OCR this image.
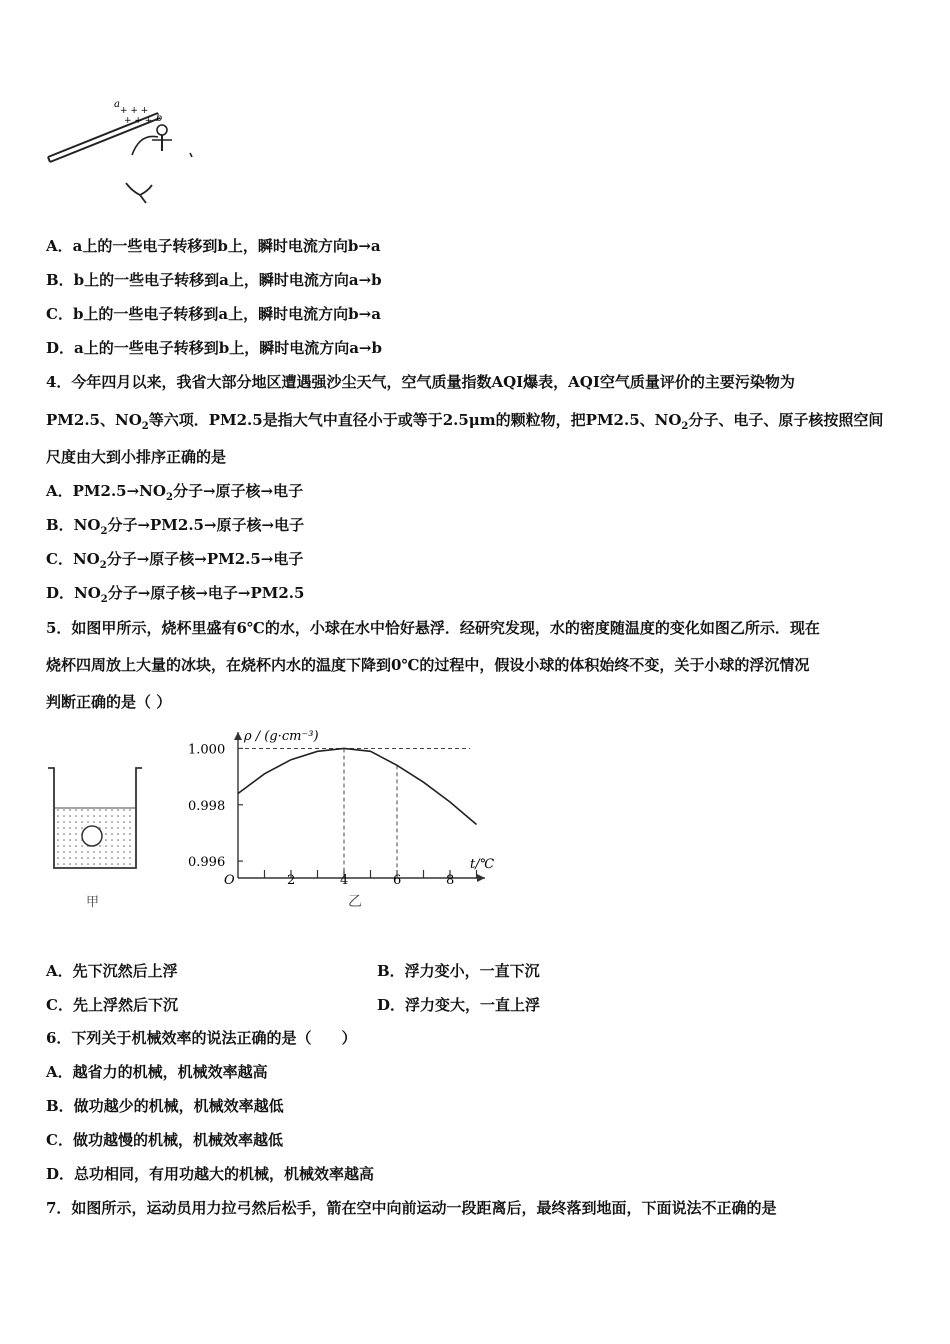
a
+ + +
+ + + b
A．a上的一些电子转移到b上，瞬时电流方向b→a
B．b上的一些电子转移到a上，瞬时电流方向a→b
C．b上的一些电子转移到a上，瞬时电流方向b→a
D．a上的一些电子转移到b上，瞬时电流方向a→b
4．今年四月以来，我省大部分地区遭遇强沙尘天气，空气质量指数AQI爆表，AQI空气质量评价的主要污染物为
PM2.5、$NO_2$等六项．PM2.5是指大气中直径小于或等于2.5μm的颗粒物，把PM2.5、$NO_2$分子、电子、原子核按照空间
尺度由大到小排序正确的是
A．$PM2.5\to NO_2$分子→原子核→电子
B．$NO_2$分子→PM2.5→原子核→电子
C．$NO_2$分子→原子核→PM2.5→电子
D．$NO_2$分子→原子核→电子→PM2.5
5．如图甲所示，烧杯里盛有6℃的水，小球在水中恰好悬浮．经研究发现，水的密度随温度的变化如图乙所示．现在
烧杯四周放上大量的冰块，在烧杯内水的温度下降到0℃的过程中，假设小球的体积始终不变，关于小球的浮沉情况
判断正确的是（ ）
甲
ρ / (g·cm⁻³)
t/℃
O
乙
2	4	6	8
1.000
0.998
0.996
A．先下沉然后上浮	B．浮力变小，一直下沉
C．先上浮然后下沉	D．浮力变大，一直上浮
6．下列关于机械效率的说法正确的是（　　）
A．越省力的机械，机械效率越高
B．做功越少的机械，机械效率越低
C．做功越慢的机械，机械效率越低
D．总功相同，有用功越大的机械，机械效率越高
7．如图所示，运动员用力拉弓然后松手，箭在空中向前运动一段距离后，最终落到地面，下面说法不正确的是
